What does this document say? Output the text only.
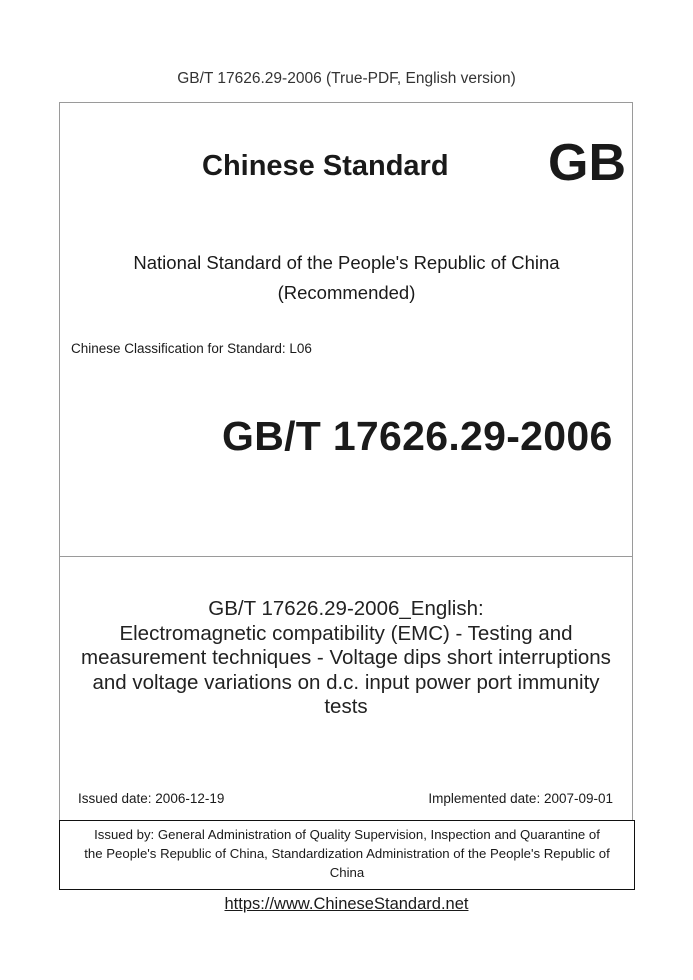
GB/T 17626.29-2006 (True-PDF, English version)
Chinese Standard GB
National Standard of the People's Republic of China
(Recommended)
Chinese Classification for Standard: L06
GB/T 17626.29-2006
GB/T 17626.29-2006_English:
Electromagnetic compatibility (EMC) - Testing and
measurement techniques - Voltage dips short interruptions
and voltage variations on d.c. input power port immunity
tests
Issued date: 2006-12-19	Implemented date: 2007-09-01
Issued by: General Administration of Quality Supervision, Inspection and Quarantine of
the People's Republic of China, Standardization Administration of the People's Republic of
China
https://www.ChineseStandard.net
